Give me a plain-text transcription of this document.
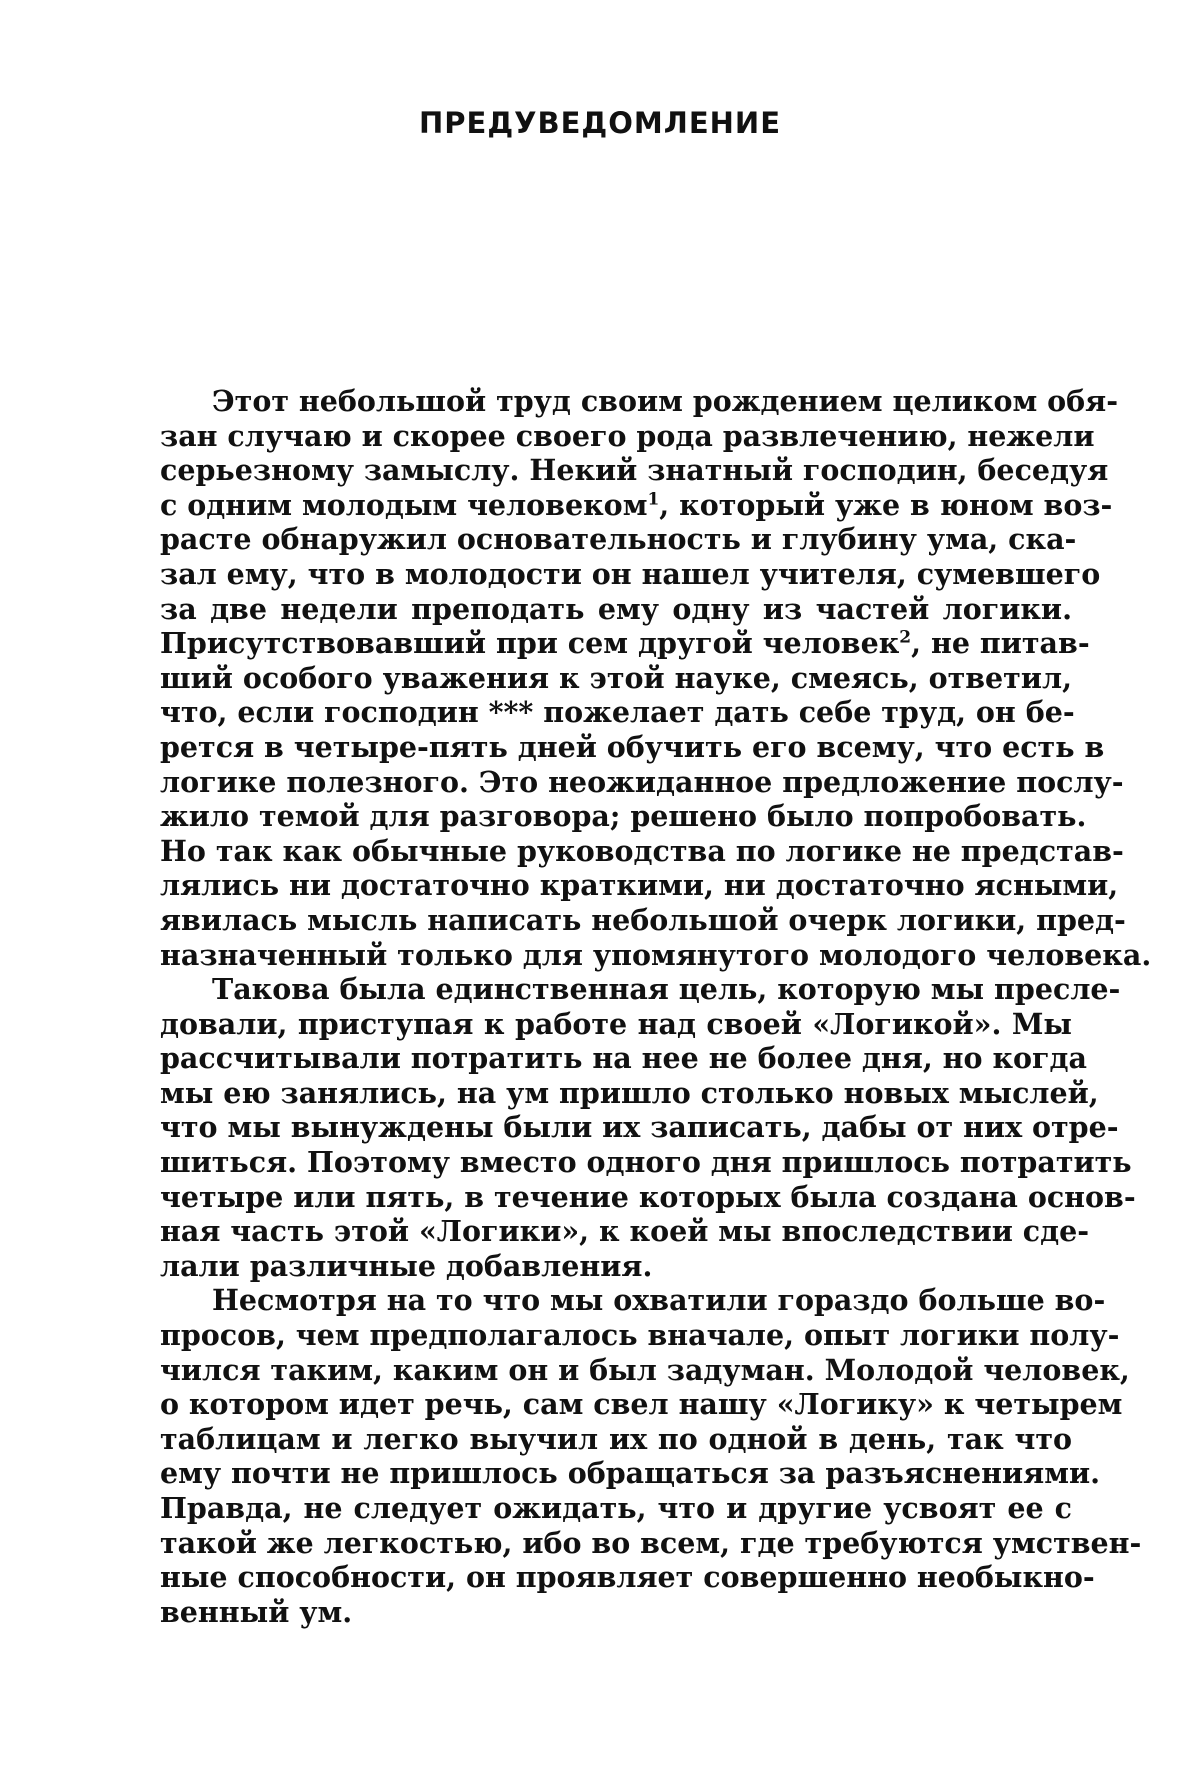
ПРЕДУВЕДОМЛЕНИЕ

Этот небольшой труд своим рождением целиком обя-
зан случаю и скорее своего рода развлечению, нежели
серьезному замыслу. Некий знатный господин, беседуя
с одним молодым человеком$^1$, который уже в юном воз-
расте обнаружил основательность и глубину ума, ска-
зал ему, что в молодости он нашел учителя, сумевшего
за две недели преподать ему одну из частей логики.
Присутствовавший при сем другой человек$^2$, не питав-
ший особого уважения к этой науке, смеясь, ответил,
что, если господин *** пожелает дать себе труд, он бе-
рется в четыре-пять дней обучить его всему, что есть в
логике полезного. Это неожиданное предложение послу-
жило темой для разговора; решено было попробовать.
Но так как обычные руководства по логике не представ-
лялись ни достаточно краткими, ни достаточно ясными,
явилась мысль написать небольшой очерк логики, пред-
назначенный только для упомянутого молодого человека.

Такова была единственная цель, которую мы пресле-
довали, приступая к работе над своей «Логикой». Мы
рассчитывали потратить на нее не более дня, но когда
мы ею занялись, на ум пришло столько новых мыслей,
что мы вынуждены были их записать, дабы от них отре-
шиться. Поэтому вместо одного дня пришлось потратить
четыре или пять, в течение которых была создана основ-
ная часть этой «Логики», к коей мы впоследствии сде-
лали различные добавления.

Несмотря на то что мы охватили гораздо больше во-
просов, чем предполагалось вначале, опыт логики полу-
чился таким, каким он и был задуман. Молодой человек,
о котором идет речь, сам свел нашу «Логику» к четырем
таблицам и легко выучил их по одной в день, так что
ему почти не пришлось обращаться за разъяснениями.
Правда, не следует ожидать, что и другие усвоят ее с
такой же легкостью, ибо во всем, где требуются умствен-
ные способности, он проявляет совершенно необыкно-
венный ум.
